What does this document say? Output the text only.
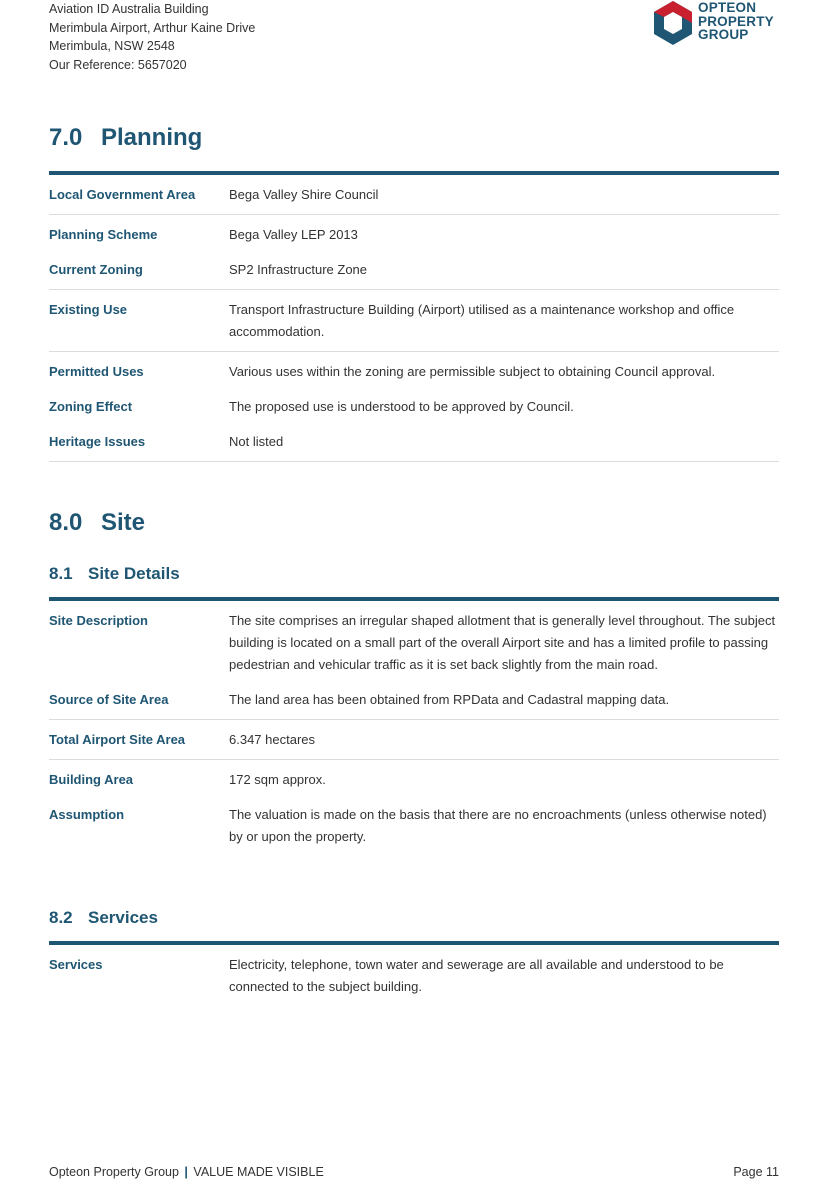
Aviation ID Australia Building
Merimbula Airport, Arthur Kaine Drive
Merimbula, NSW 2548
Our Reference: 5657020
OPTEON
PROPERTY
GROUP
7.0 Planning
Local Government Area	Bega Valley Shire Council
Planning Scheme	Bega Valley LEP 2013
Current Zoning	SP2 Infrastructure Zone
Existing Use	Transport Infrastructure Building (Airport) utilised as a maintenance workshop and office accommodation.
Permitted Uses	Various uses within the zoning are permissible subject to obtaining Council approval.
Zoning Effect	The proposed use is understood to be approved by Council.
Heritage Issues	Not listed
8.0 Site
8.1 Site Details
Site Description	The site comprises an irregular shaped allotment that is generally level throughout. The subject building is located on a small part of the overall Airport site and has a limited profile to passing pedestrian and vehicular traffic as it is set back slightly from the main road.
Source of Site Area	The land area has been obtained from RPData and Cadastral mapping data.
Total Airport Site Area	6.347 hectares
Building Area	172 sqm approx.
Assumption	The valuation is made on the basis that there are no encroachments (unless otherwise noted) by or upon the property.
8.2 Services
Services	Electricity, telephone, town water and sewerage are all available and understood to be connected to the subject building.
Opteon Property Group | VALUE MADE VISIBLE	Page 11
